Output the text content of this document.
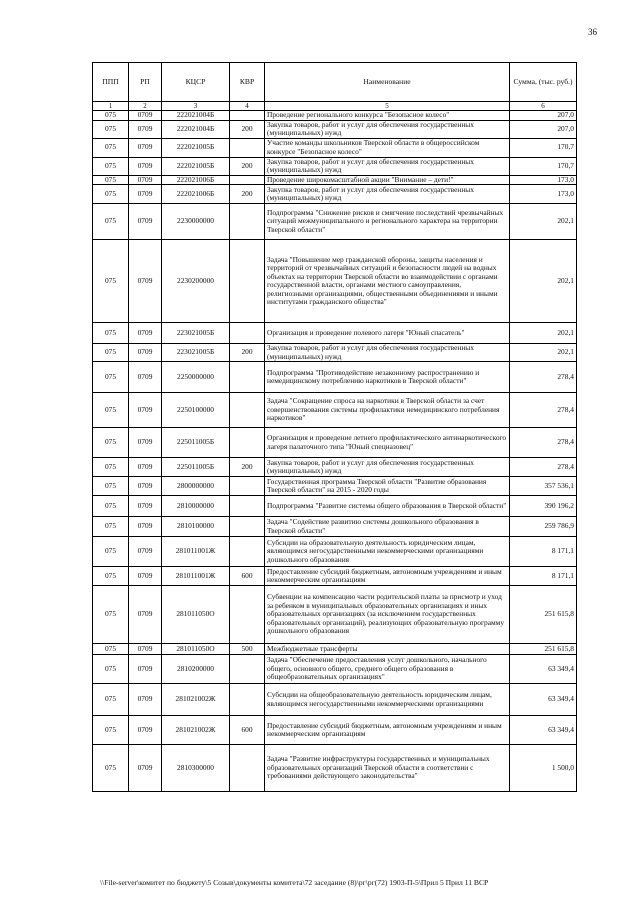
36
ППП	РП	КЦСР	КВР	Наименование	Сумма, (тыс. руб.)
1	2	3	4	5	6
075	0709	222021004Б		Проведение регионального конкурса "Безопасное колесо"	207,0
075	0709	222021004Б	200	Закупка товаров, работ и услуг для обеспечения государственных (муниципальных) нужд	207,0
075	0709	222021005Б		Участие команды школьников Тверской области в общероссийском конкурсе "Безопасное колесо"	170,7
075	0709	222021005Б	200	Закупка товаров, работ и услуг для обеспечения государственных (муниципальных) нужд	170,7
075	0709	222021006Б		Проведение широкомасштабной акции "Внимание – дети!"	173,0
075	0709	222021006Б	200	Закупка товаров, работ и услуг для обеспечения государственных (муниципальных) нужд	173,0
075	0709	2230000000		Подпрограмма "Снижение рисков и смягчение последствий чрезвычайных ситуаций межмуниципального и регионального характера на территории Тверской области"	202,1
075	0709	2230200000		Задача "Повышение мер гражданской обороны, защиты населения и территорий от чрезвычайных ситуаций и безопасности людей на водных объектах на территории Тверской области во взаимодействии с органами государственной власти, органами местного самоуправления, религиозными организациями, общественными объединениями и иными институтами гражданского общества"	202,1
075	0709	223021005Б		Организация и проведение полевого лагеря "Юный спасатель"	202,1
075	0709	223021005Б	200	Закупка товаров, работ и услуг для обеспечения государственных (муниципальных) нужд	202,1
075	0709	2250000000		Подпрограмма "Противодействие незаконному распространению и немедицинскому потреблению наркотиков в Тверской области"	278,4
075	0709	2250100000		Задача "Сокращение спроса на наркотики в Тверской области за счет совершенствования системы профилактики немедицинского потребления наркотиков"	278,4
075	0709	225011005Б		Организация и проведение летнего профилактического антинаркотического лагеря палаточного типа "Юный спецназовец"	278,4
075	0709	225011005Б	200	Закупка товаров, работ и услуг для обеспечения государственных (муниципальных) нужд	278,4
075	0709	2800000000		Государственная программа Тверской области "Развитие образования Тверской области" на 2015 - 2020 годы	357 536,1
075	0709	2810000000		Подпрограмма "Развитие системы общего образования в Тверской области"	390 196,2
075	0709	2810100000		Задача "Содействие развитию системы дошкольного образования в Тверской области"	259 786,9
075	0709	281011001Ж		Субсидии на образовательную деятельность юридическим лицам, являющимся негосударственными некоммерческими организациями дошкольного образования	8 171,1
075	0709	281011001Ж	600	Предоставление субсидий бюджетным, автономным учреждениям и иным некоммерческим организациям	8 171,1
075	0709	281011050О		Субвенции на компенсацию части родительской платы за присмотр и уход за ребенком в муниципальных образовательных организациях и иных образовательных организациях (за исключением государственных образовательных организаций), реализующих образовательную программу дошкольного образования	251 615,8
075	0709	281011050О	500	Межбюджетные трансферты	251 615,8
075	0709	2810200000		Задача "Обеспечение предоставления услуг дошкольного, начального общего, основного общего, среднего общего образования в общеобразовательных организациях"	63 349,4
075	0709	281021002Ж		Субсидии на общеобразовательную деятельность юридическим лицам, являющимся негосударственными некоммерческими организациями	63 349,4
075	0709	281021002Ж	600	Предоставление субсидий бюджетным, автономным учреждениям и иным некоммерческим организациям	63 349,4
075	0709	2810300000		Задача "Развитие инфраструктуры государственных и муниципальных образовательных организаций Тверской области в соответствии с требованиями действующего законодательства"	1 500,0
\\File-server\комитет по бюджету\5 Созыв\документы комитета\72 заседание (8)\рг\рг(72) 1903-П-5\Прил 5 Прил 11 ВСР
